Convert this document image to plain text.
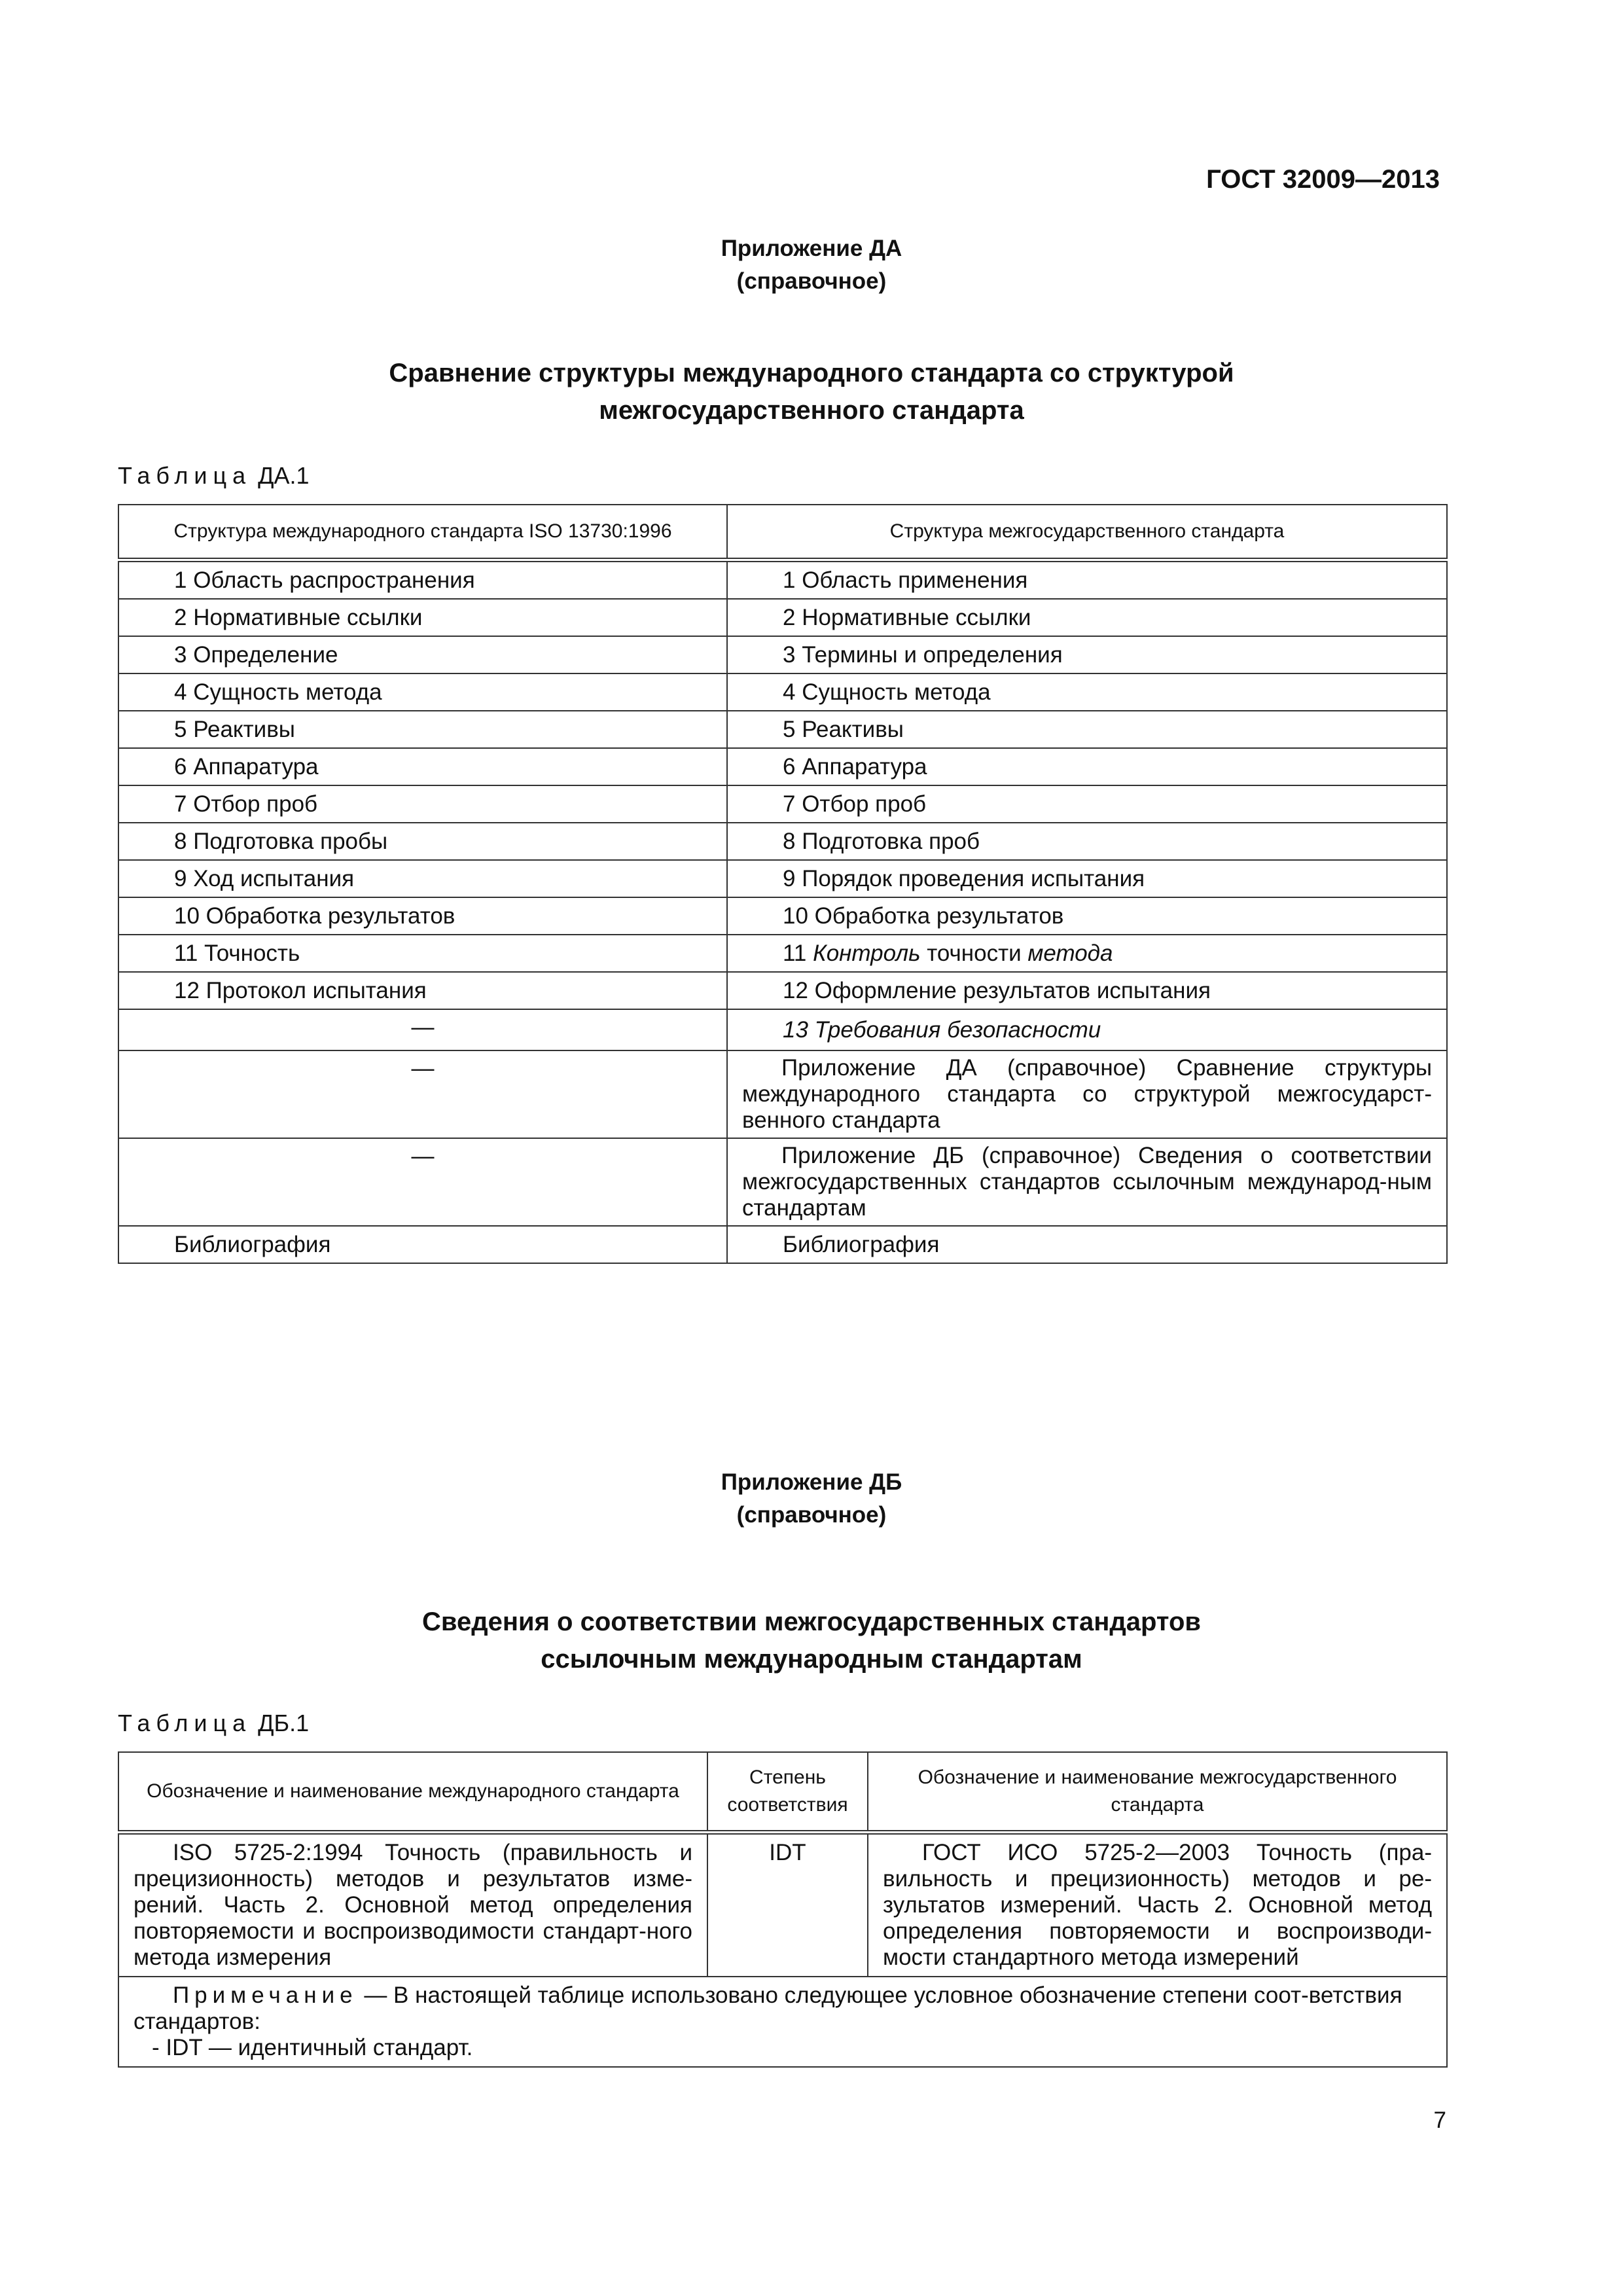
ГОСТ 32009—2013
Приложение ДА
(справочное)
Сравнение структуры международного стандарта со структурой
межгосударственного стандарта
Таблица ДА.1
Структура международного стандарта ISO 13730:1996	Структура межгосударственного стандарта
1 Область распространения	1 Область применения
2 Нормативные ссылки	2 Нормативные ссылки
3 Определение	3 Термины и определения
4 Сущность метода	4 Сущность метода
5 Реактивы	5 Реактивы
6 Аппаратура	6 Аппаратура
7 Отбор проб	7 Отбор проб
8 Подготовка пробы	8 Подготовка проб
9 Ход испытания	9 Порядок проведения испытания
10 Обработка результатов	10 Обработка результатов
11 Точность	11 Контроль точности метода
12 Протокол испытания	12 Оформление результатов испытания
—	13 Требования безопасности
—	Приложение ДА (справочное) Сравнение структуры международного стандарта со структурой межгосударст-венного стандарта
—	Приложение ДБ (справочное) Сведения о соответствии межгосударственных стандартов ссылочным международ-ным стандартам
Библиография	Библиография
Приложение ДБ
(справочное)
Сведения о соответствии межгосударственных стандартов
ссылочным международным стандартам
Таблица ДБ.1
Обозначение и наименование международного стандарта	Степень соответствия	Обозначение и наименование межгосударственного стандарта
ISO 5725-2:1994 Точность (правильность и прецизионность) методов и результатов изме-рений. Часть 2. Основной метод определения повторяемости и воспроизводимости стандарт-ного метода измерения	IDT	ГОСТ ИСО 5725-2—2003 Точность (пра-вильность и прецизионность) методов и ре-зультатов измерений. Часть 2. Основной метод определения повторяемости и воспроизводи-мости стандартного метода измерений

Примечание — В настоящей таблице использовано следующее условное обозначение степени соот-ветствия стандартов:
- IDT — идентичный стандарт.		
7
